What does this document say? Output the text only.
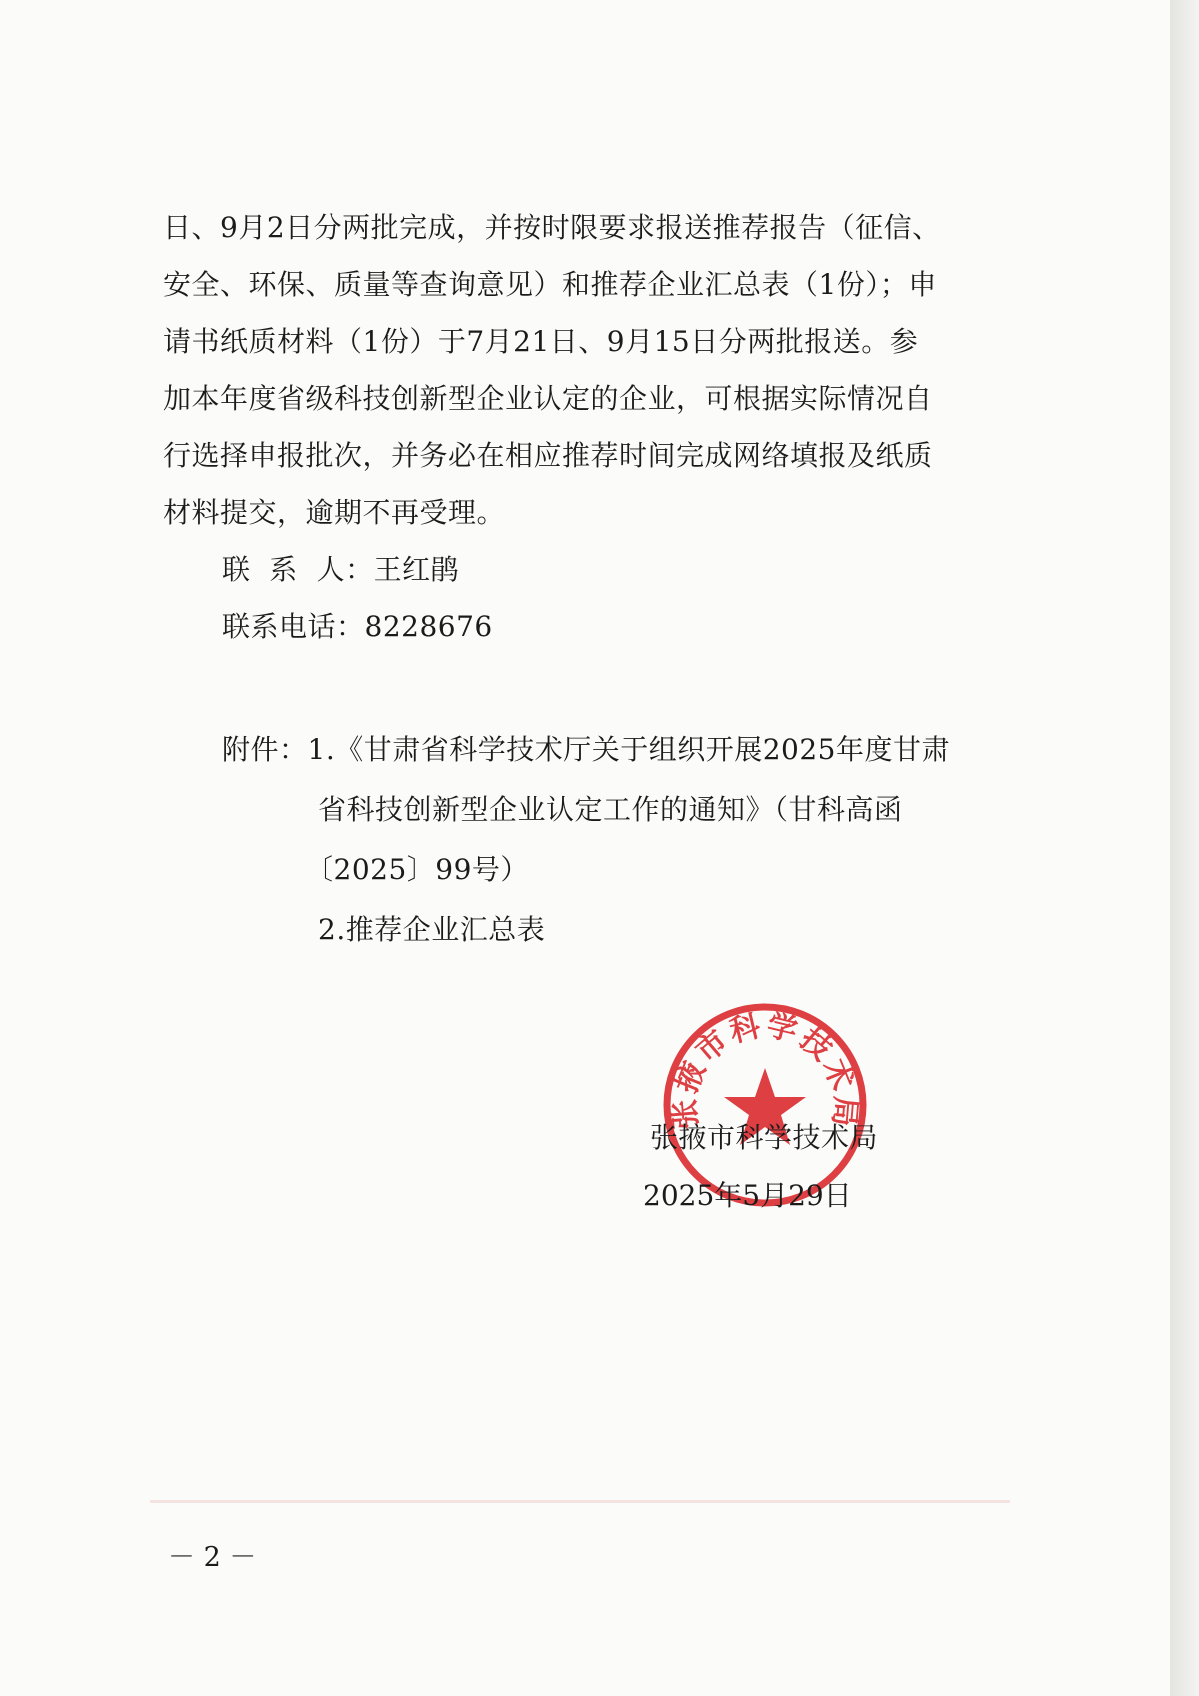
日、9月2日分两批完成，并按时限要求报送推荐报告（征信、
安全、环保、质量等查询意见）和推荐企业汇总表（1份）；申
请书纸质材料（1份）于7月21日、9月15日分两批报送。参
加本年度省级科技创新型企业认定的企业，可根据实际情况自
行选择申报批次，并务必在相应推荐时间完成网络填报及纸质
材料提交，逾期不再受理。
联  系  人：王红鹃
联系电话：8228676
附件：1.《甘肃省科学技术厅关于组织开展2025年度甘肃
省科技创新型企业认定工作的通知》（甘科高函
〔2025〕99号）
2.推荐企业汇总表
张掖市科学技术局
张掖市科学技术局
2025年5月29日
－ 2 －
